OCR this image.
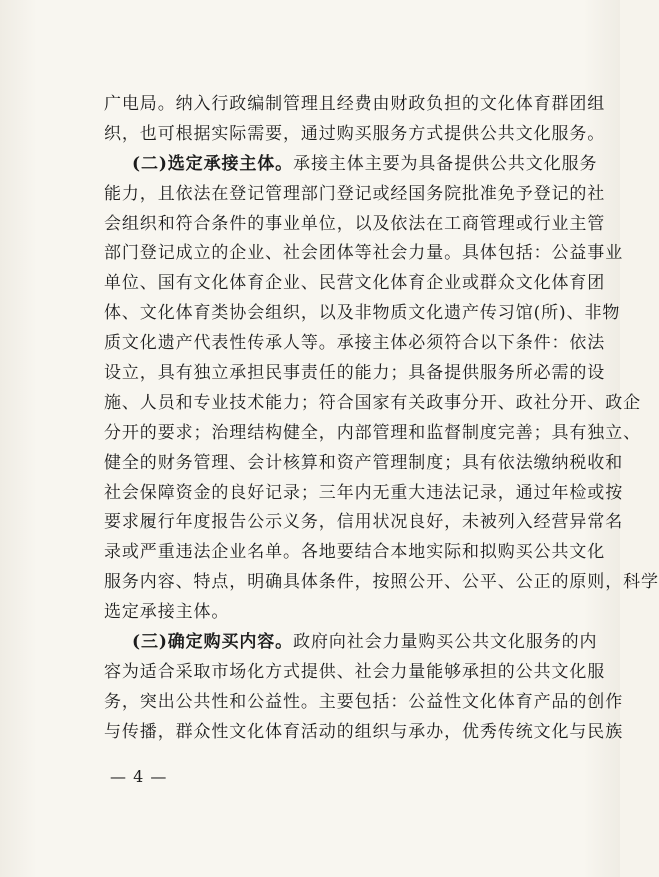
广电局。纳入行政编制管理且经费由财政负担的文化体育群团组
织，也可根据实际需要，通过购买服务方式提供公共文化服务。
(二)选定承接主体。承接主体主要为具备提供公共文化服务
能力，且依法在登记管理部门登记或经国务院批准免予登记的社
会组织和符合条件的事业单位，以及依法在工商管理或行业主管
部门登记成立的企业、社会团体等社会力量。具体包括：公益事业
单位、国有文化体育企业、民营文化体育企业或群众文化体育团
体、文化体育类协会组织，以及非物质文化遗产传习馆(所)、非物
质文化遗产代表性传承人等。承接主体必须符合以下条件：依法
设立，具有独立承担民事责任的能力；具备提供服务所必需的设
施、人员和专业技术能力；符合国家有关政事分开、政社分开、政企
分开的要求；治理结构健全，内部管理和监督制度完善；具有独立、
健全的财务管理、会计核算和资产管理制度；具有依法缴纳税收和
社会保障资金的良好记录；三年内无重大违法记录，通过年检或按
要求履行年度报告公示义务，信用状况良好，未被列入经营异常名
录或严重违法企业名单。各地要结合本地实际和拟购买公共文化
服务内容、特点，明确具体条件，按照公开、公平、公正的原则，科学
选定承接主体。
(三)确定购买内容。政府向社会力量购买公共文化服务的内
容为适合采取市场化方式提供、社会力量能够承担的公共文化服
务，突出公共性和公益性。主要包括：公益性文化体育产品的创作
与传播，群众性文化体育活动的组织与承办，优秀传统文化与民族
— 4 —
